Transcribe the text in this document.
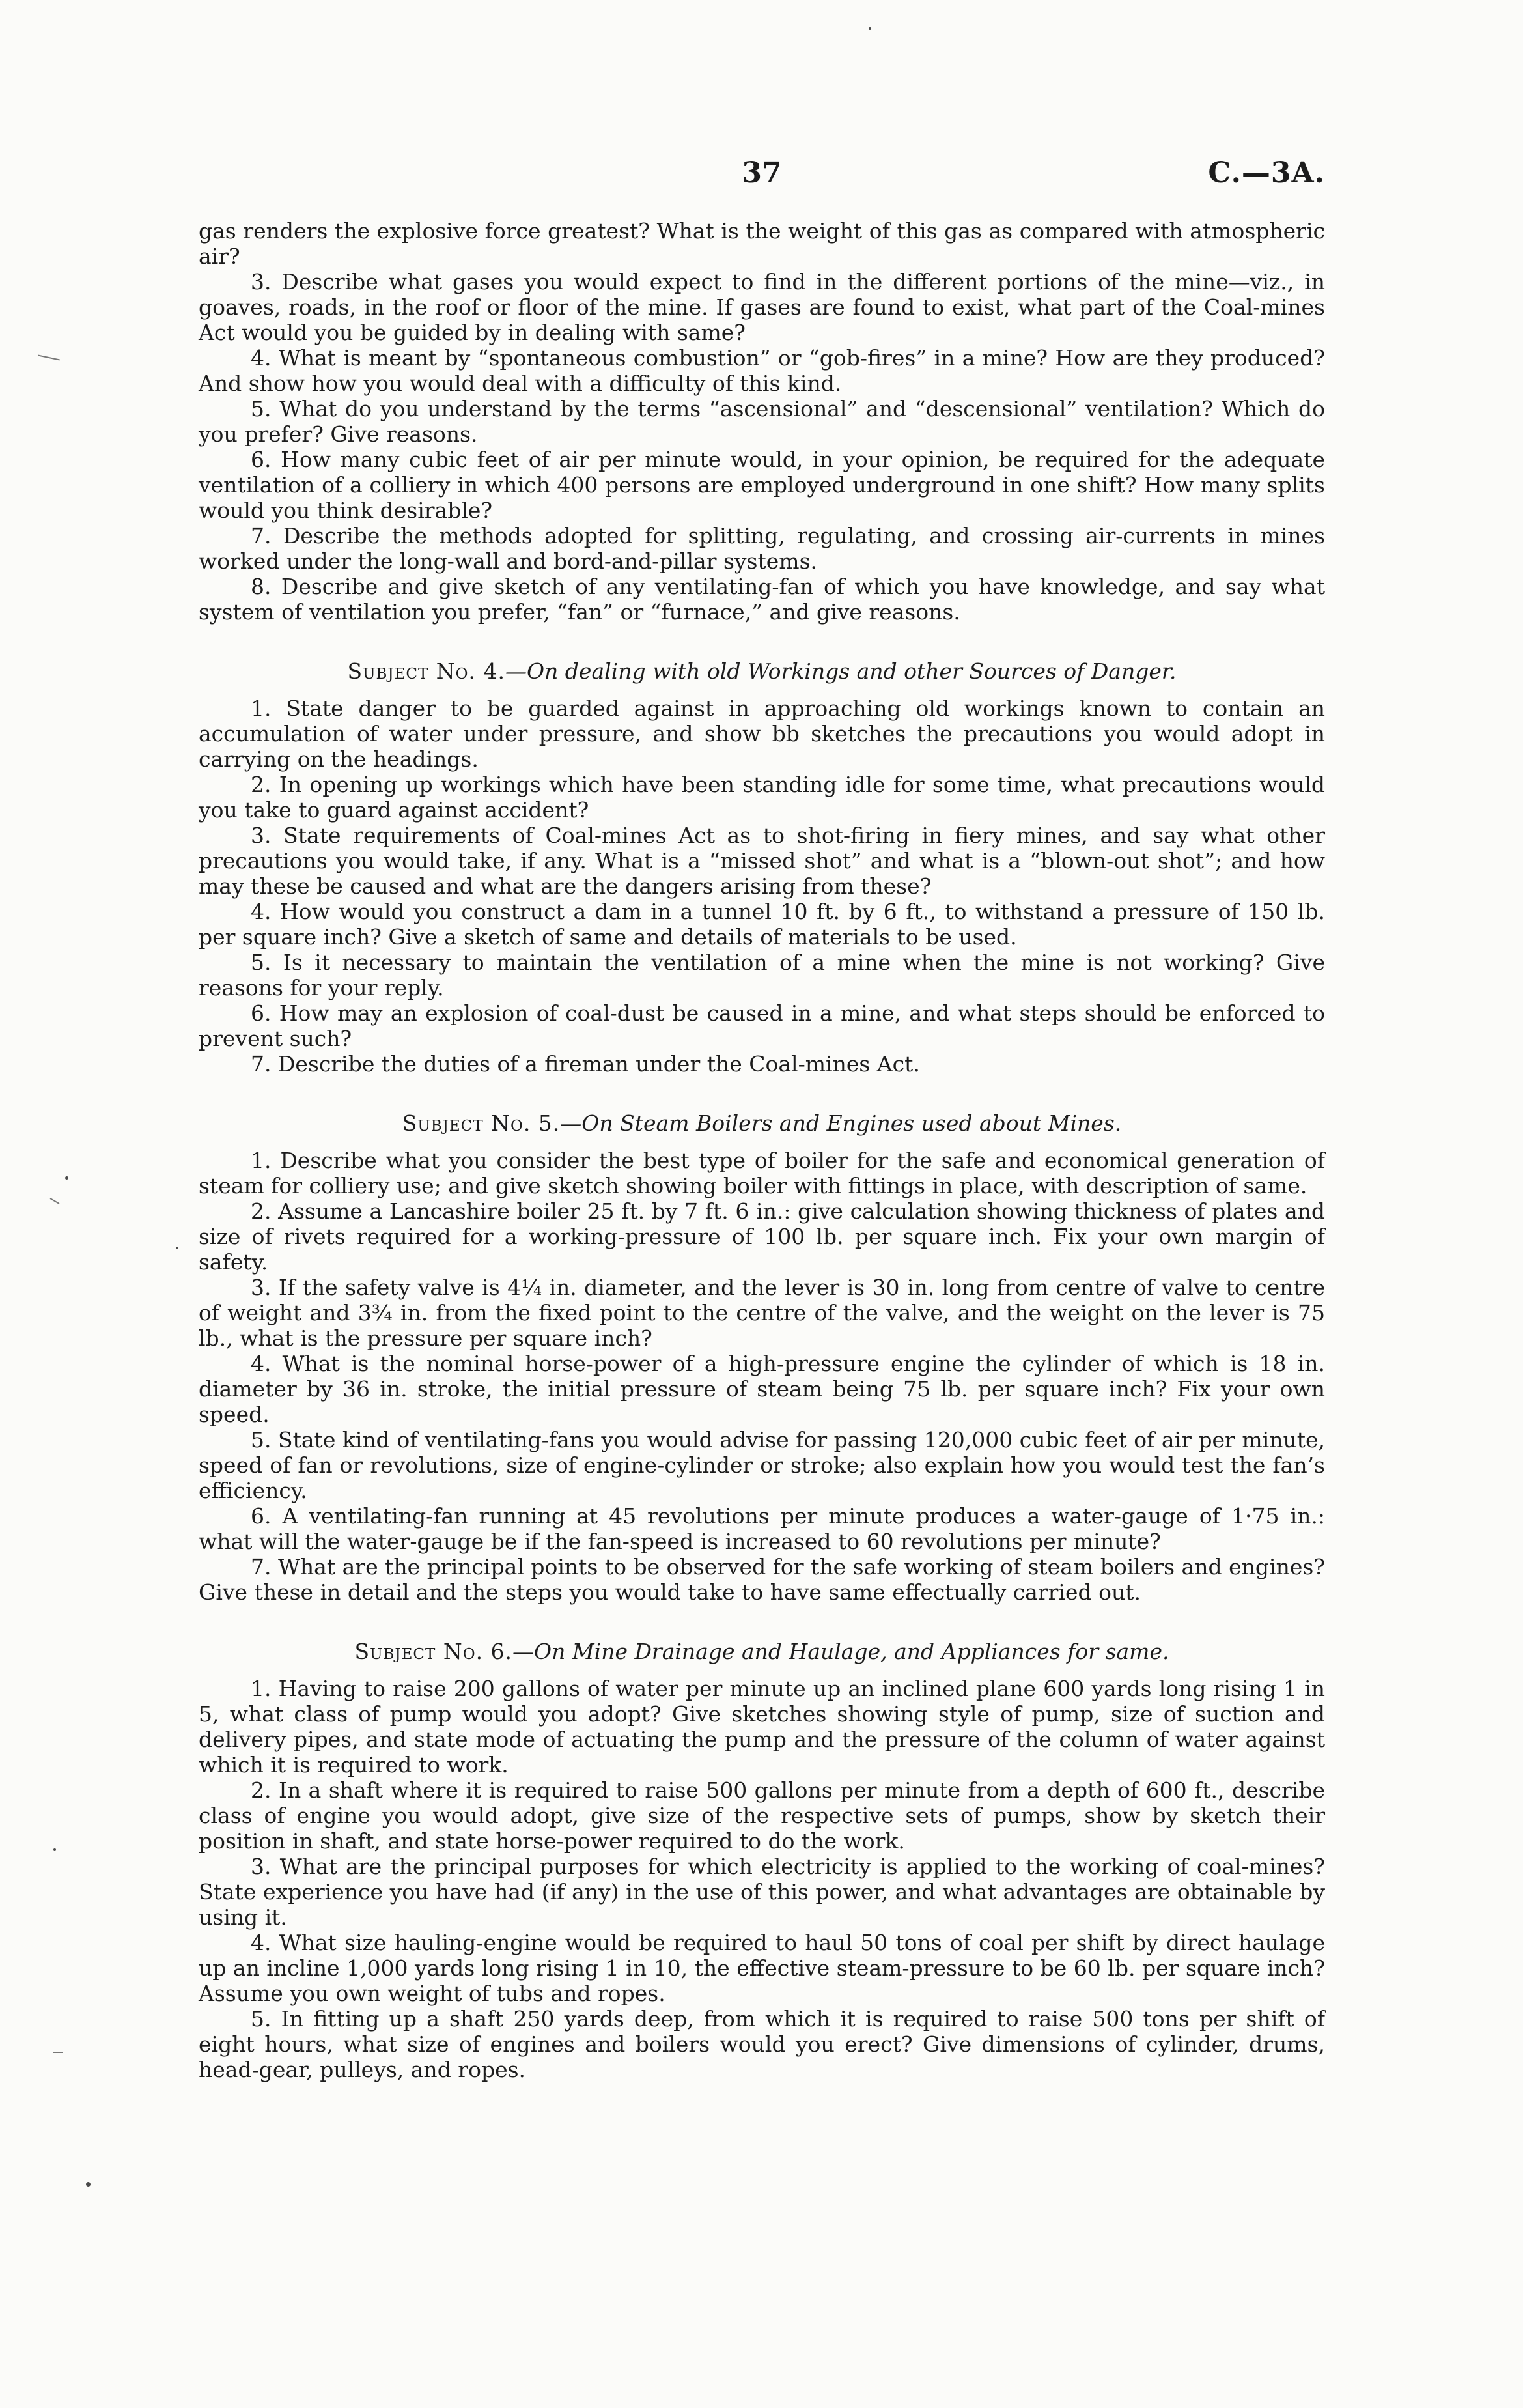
37	C.—3A.

gas renders the explosive force greatest? What is the weight of this gas as compared with atmospheric air?

3. Describe what gases you would expect to find in the different portions of the mine—viz., in goaves, roads, in the roof or floor of the mine. If gases are found to exist, what part of the Coal-mines Act would you be guided by in dealing with same?

4. What is meant by “spontaneous combustion” or “gob-fires” in a mine? How are they produced? And show how you would deal with a difficulty of this kind.

5. What do you understand by the terms “ascensional” and “descensional” ventilation? Which do you prefer? Give reasons.

6. How many cubic feet of air per minute would, in your opinion, be required for the adequate ventilation of a colliery in which 400 persons are employed underground in one shift? How many splits would you think desirable?

7. Describe the methods adopted for splitting, regulating, and crossing air-currents in mines worked under the long-wall and bord-and-pillar systems.

8. Describe and give sketch of any ventilating-fan of which you have knowledge, and say what system of ventilation you prefer, “fan” or “furnace,” and give reasons.

Subject No. 4.—On dealing with old Workings and other Sources of Danger.

1. State danger to be guarded against in approaching old workings known to contain an accumulation of water under pressure, and show bb sketches the precautions you would adopt in carrying on the headings.

2. In opening up workings which have been standing idle for some time, what precautions would you take to guard against accident?

3. State requirements of Coal-mines Act as to shot-firing in fiery mines, and say what other precautions you would take, if any. What is a “missed shot” and what is a “blown-out shot”; and how may these be caused and what are the dangers arising from these?

4. How would you construct a dam in a tunnel 10 ft. by 6 ft., to withstand a pressure of 150 lb. per square inch? Give a sketch of same and details of materials to be used.

5. Is it necessary to maintain the ventilation of a mine when the mine is not working? Give reasons for your reply.

6. How may an explosion of coal-dust be caused in a mine, and what steps should be enforced to prevent such?

7. Describe the duties of a fireman under the Coal-mines Act.

Subject No. 5.—On Steam Boilers and Engines used about Mines.

1. Describe what you consider the best type of boiler for the safe and economical generation of steam for colliery use; and give sketch showing boiler with fittings in place, with description of same.

2. Assume a Lancashire boiler 25 ft. by 7 ft. 6 in.: give calculation showing thickness of plates and size of rivets required for a working-pressure of 100 lb. per square inch. Fix your own margin of safety.

3. If the safety valve is 4¼ in. diameter, and the lever is 30 in. long from centre of valve to centre of weight and 3¾ in. from the fixed point to the centre of the valve, and the weight on the lever is 75 lb., what is the pressure per square inch?

4. What is the nominal horse-power of a high-pressure engine the cylinder of which is 18 in. diameter by 36 in. stroke, the initial pressure of steam being 75 lb. per square inch? Fix your own speed.

5. State kind of ventilating-fans you would advise for passing 120,000 cubic feet of air per minute, speed of fan or revolutions, size of engine-cylinder or stroke; also explain how you would test the fan’s efficiency.

6. A ventilating-fan running at 45 revolutions per minute produces a water-gauge of 1·75 in.: what will the water-gauge be if the fan-speed is increased to 60 revolutions per minute?

7. What are the principal points to be observed for the safe working of steam boilers and engines? Give these in detail and the steps you would take to have same effectually carried out.

Subject No. 6.—On Mine Drainage and Haulage, and Appliances for same.

1. Having to raise 200 gallons of water per minute up an inclined plane 600 yards long rising 1 in 5, what class of pump would you adopt? Give sketches showing style of pump, size of suction and delivery pipes, and state mode of actuating the pump and the pressure of the column of water against which it is required to work.

2. In a shaft where it is required to raise 500 gallons per minute from a depth of 600 ft., describe class of engine you would adopt, give size of the respective sets of pumps, show by sketch their position in shaft, and state horse-power required to do the work.

3. What are the principal purposes for which electricity is applied to the working of coal-mines? State experience you have had (if any) in the use of this power, and what advantages are obtainable by using it.

4. What size hauling-engine would be required to haul 50 tons of coal per shift by direct haulage up an incline 1,000 yards long rising 1 in 10, the effective steam-pressure to be 60 lb. per square inch? Assume you own weight of tubs and ropes.

5. In fitting up a shaft 250 yards deep, from which it is required to raise 500 tons per shift of eight hours, what size of engines and boilers would you erect? Give dimensions of cylinder, drums, head-gear, pulleys, and ropes.
